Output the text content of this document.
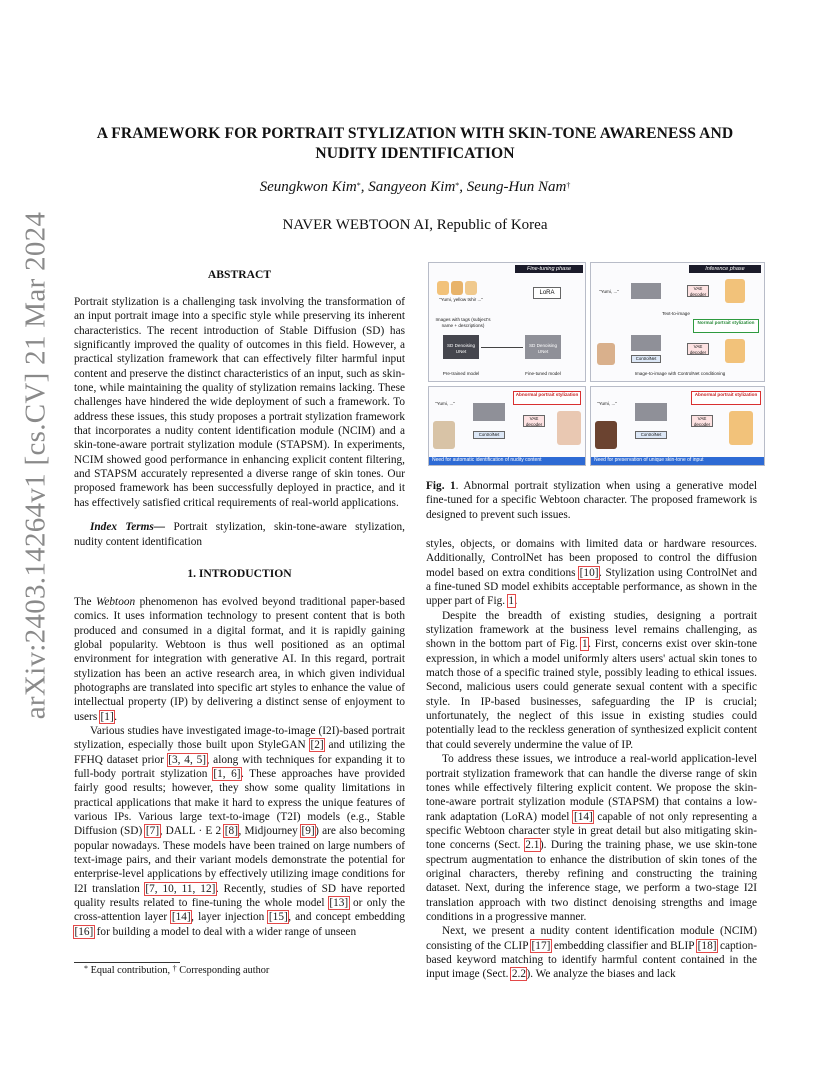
arXiv:2403.14264v1 [cs.CV] 21 Mar 2024
A FRAMEWORK FOR PORTRAIT STYLIZATION WITH SKIN-TONE AWARENESS AND NUDITY IDENTIFICATION
Seungkwon Kim*, Sangyeon Kim*, Seung-Hun Nam†
NAVER WEBTOON AI, Republic of Korea
ABSTRACT

Portrait stylization is a challenging task involving the transformation of an input portrait image into a specific style while preserving its inherent characteristics. The recent introduction of Stable Diffusion (SD) has significantly improved the quality of outcomes in this field. However, a practical stylization framework that can effectively filter harmful input content and preserve the distinct characteristics of an input, such as skin-tone, while maintaining the quality of stylization remains lacking. These challenges have hindered the wide deployment of such a framework. To address these issues, this study proposes a portrait stylization framework that incorporates a nudity content identification module (NCIM) and a skin-tone-aware portrait stylization module (STAPSM). In experiments, NCIM showed good performance in enhancing explicit content filtering, and STAPSM accurately represented a diverse range of skin tones. Our proposed framework has been successfully deployed in practice, and it has effectively satisfied critical requirements of real-world applications.

Index Terms— Portrait stylization, skin-tone-aware stylization, nudity content identification

1. INTRODUCTION

The Webtoon phenomenon has evolved beyond traditional paper-based comics. It uses information technology to present content that is both produced and consumed in a digital format, and it is rapidly gaining global popularity. Webtoon is thus well positioned as an optimal environment for integration with generative AI. In this regard, portrait stylization has been an active research area, in which given individual photographs are translated into specific art styles to enhance the value of intellectual property (IP) by delivering a distinct sense of enjoyment to users [1].

Various studies have investigated image-to-image (I2I)-based portrait stylization, especially those built upon StyleGAN [2] and utilizing the FFHQ dataset prior [3, 4, 5], along with techniques for expanding it to full-body portrait stylization [1, 6]. These approaches have provided fairly good results; however, they show some quality limitations in practical applications that make it hard to express the unique features of various IPs. Various large text-to-image (T2I) models (e.g., Stable Diffusion (SD) [7], DALL · E 2 [8], Midjourney [9]) are also becoming popular nowadays. These models have been trained on large numbers of text-image pairs, and their variant models demonstrate the potential for enterprise-level applications by effectively utilizing image conditions for I2I translation [7, 10, 11, 12]. Recently, studies of SD have reported quality results related to fine-tuning the whole model [13] or only the cross-attention layer [14], layer injection [15], and concept embedding [16] for building a model to deal with a wider range of unseen

* Equal contribution, † Corresponding author
Fine-tuning phase
"Yumi, yellow tshir ..."
Images with tags (subject's name + descriptions)
LoRA
SD Denoising UNet
SD Denoising UNet
Pre-trained model	Fine-tuned model
Inference phase
"Yumi, ..."
VAE decoder
Text-to-image
Normal portrait stylization
ControlNet
VAE decoder
Image-to-image with ControlNet conditioning
Abnormal portrait stylization
"Yumi, ..."
ControlNet
VAE decoder
Need for automatic identification of nudity content
Abnormal portrait stylization
"Yumi, ..."
ControlNet
VAE decoder
Need for preservation of unique skin-tone of input

Fig. 1. Abnormal portrait stylization when using a generative model fine-tuned for a specific Webtoon character. The proposed framework is designed to prevent such issues.

styles, objects, or domains with limited data or hardware resources. Additionally, ControlNet has been proposed to control the diffusion model based on extra conditions [10]. Stylization using ControlNet and a fine-tuned SD model exhibits acceptable performance, as shown in the upper part of Fig. 1.

Despite the breadth of existing studies, designing a portrait stylization framework at the business level remains challenging, as shown in the bottom part of Fig. 1. First, concerns exist over skin-tone expression, in which a model uniformly alters users' actual skin tones to match those of a specific trained style, possibly leading to ethical issues. Second, malicious users could generate sexual content with a specific style. In IP-based businesses, safeguarding the IP is crucial; unfortunately, the neglect of this issue in existing studies could potentially lead to the reckless generation of synthesized explicit content that could severely undermine the value of IP.

To address these issues, we introduce a real-world application-level portrait stylization framework that can handle the diverse range of skin tones while effectively filtering explicit content. We propose the skin-tone-aware portrait stylization module (STAPSM) that contains a low-rank adaptation (LoRA) model [14] capable of not only representing a specific Webtoon character style in great detail but also mitigating skin-tone concerns (Sect. 2.1). During the training phase, we use skin-tone spectrum augmentation to enhance the distribution of skin tones of the original characters, thereby refining and constructing the training dataset. Next, during the inference stage, we perform a two-stage I2I translation approach with two distinct denoising strengths and image conditions in a progressive manner.

Next, we present a nudity content identification module (NCIM) consisting of the CLIP [17] embedding classifier and BLIP [18] caption-based keyword matching to identify harmful content contained in the input image (Sect. 2.2). We analyze the biases and lack
